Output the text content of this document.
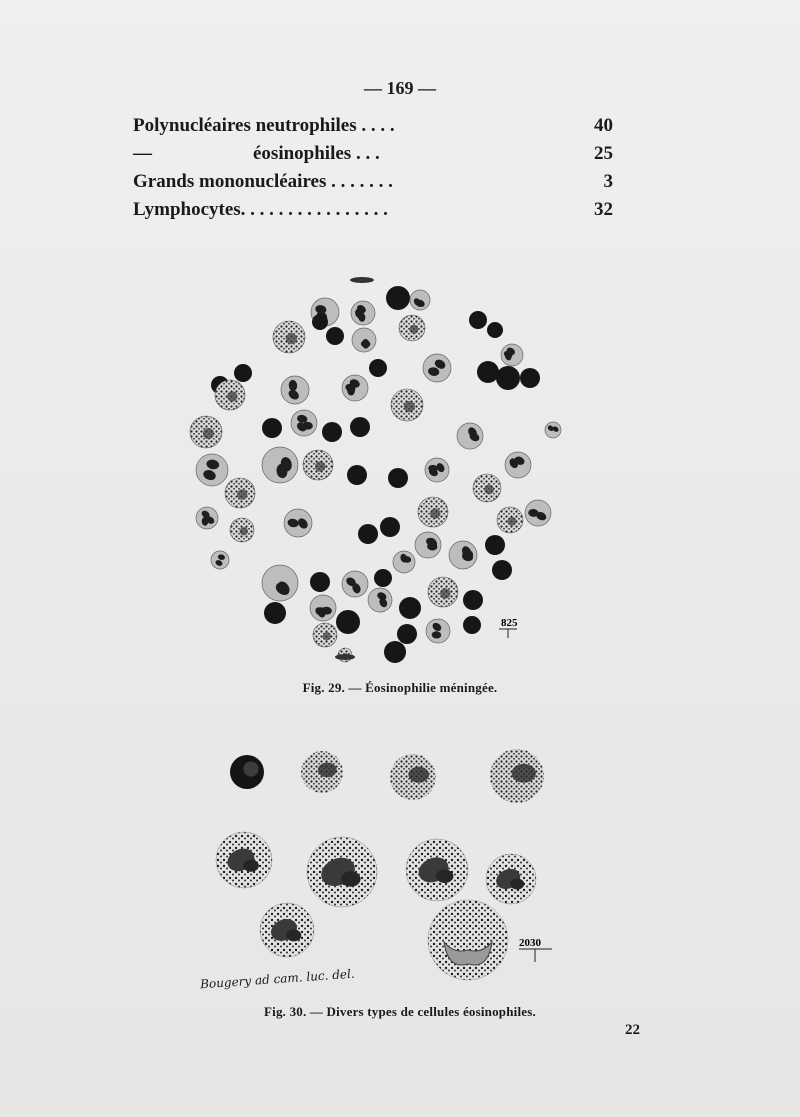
— 169 —
Polynucléaires neutrophiles . . . .	40
—	éosinophiles . . .	25
Grands mononucléaires . . . . . . .	3
Lymphocytes. . . . . . . . . . . . . . . .	32
825
2030
Fig. 29. — Éosinophilie méningée.
Bougery ad cam. luc. del.
Fig. 30. — Divers types de cellules éosinophiles.
22
